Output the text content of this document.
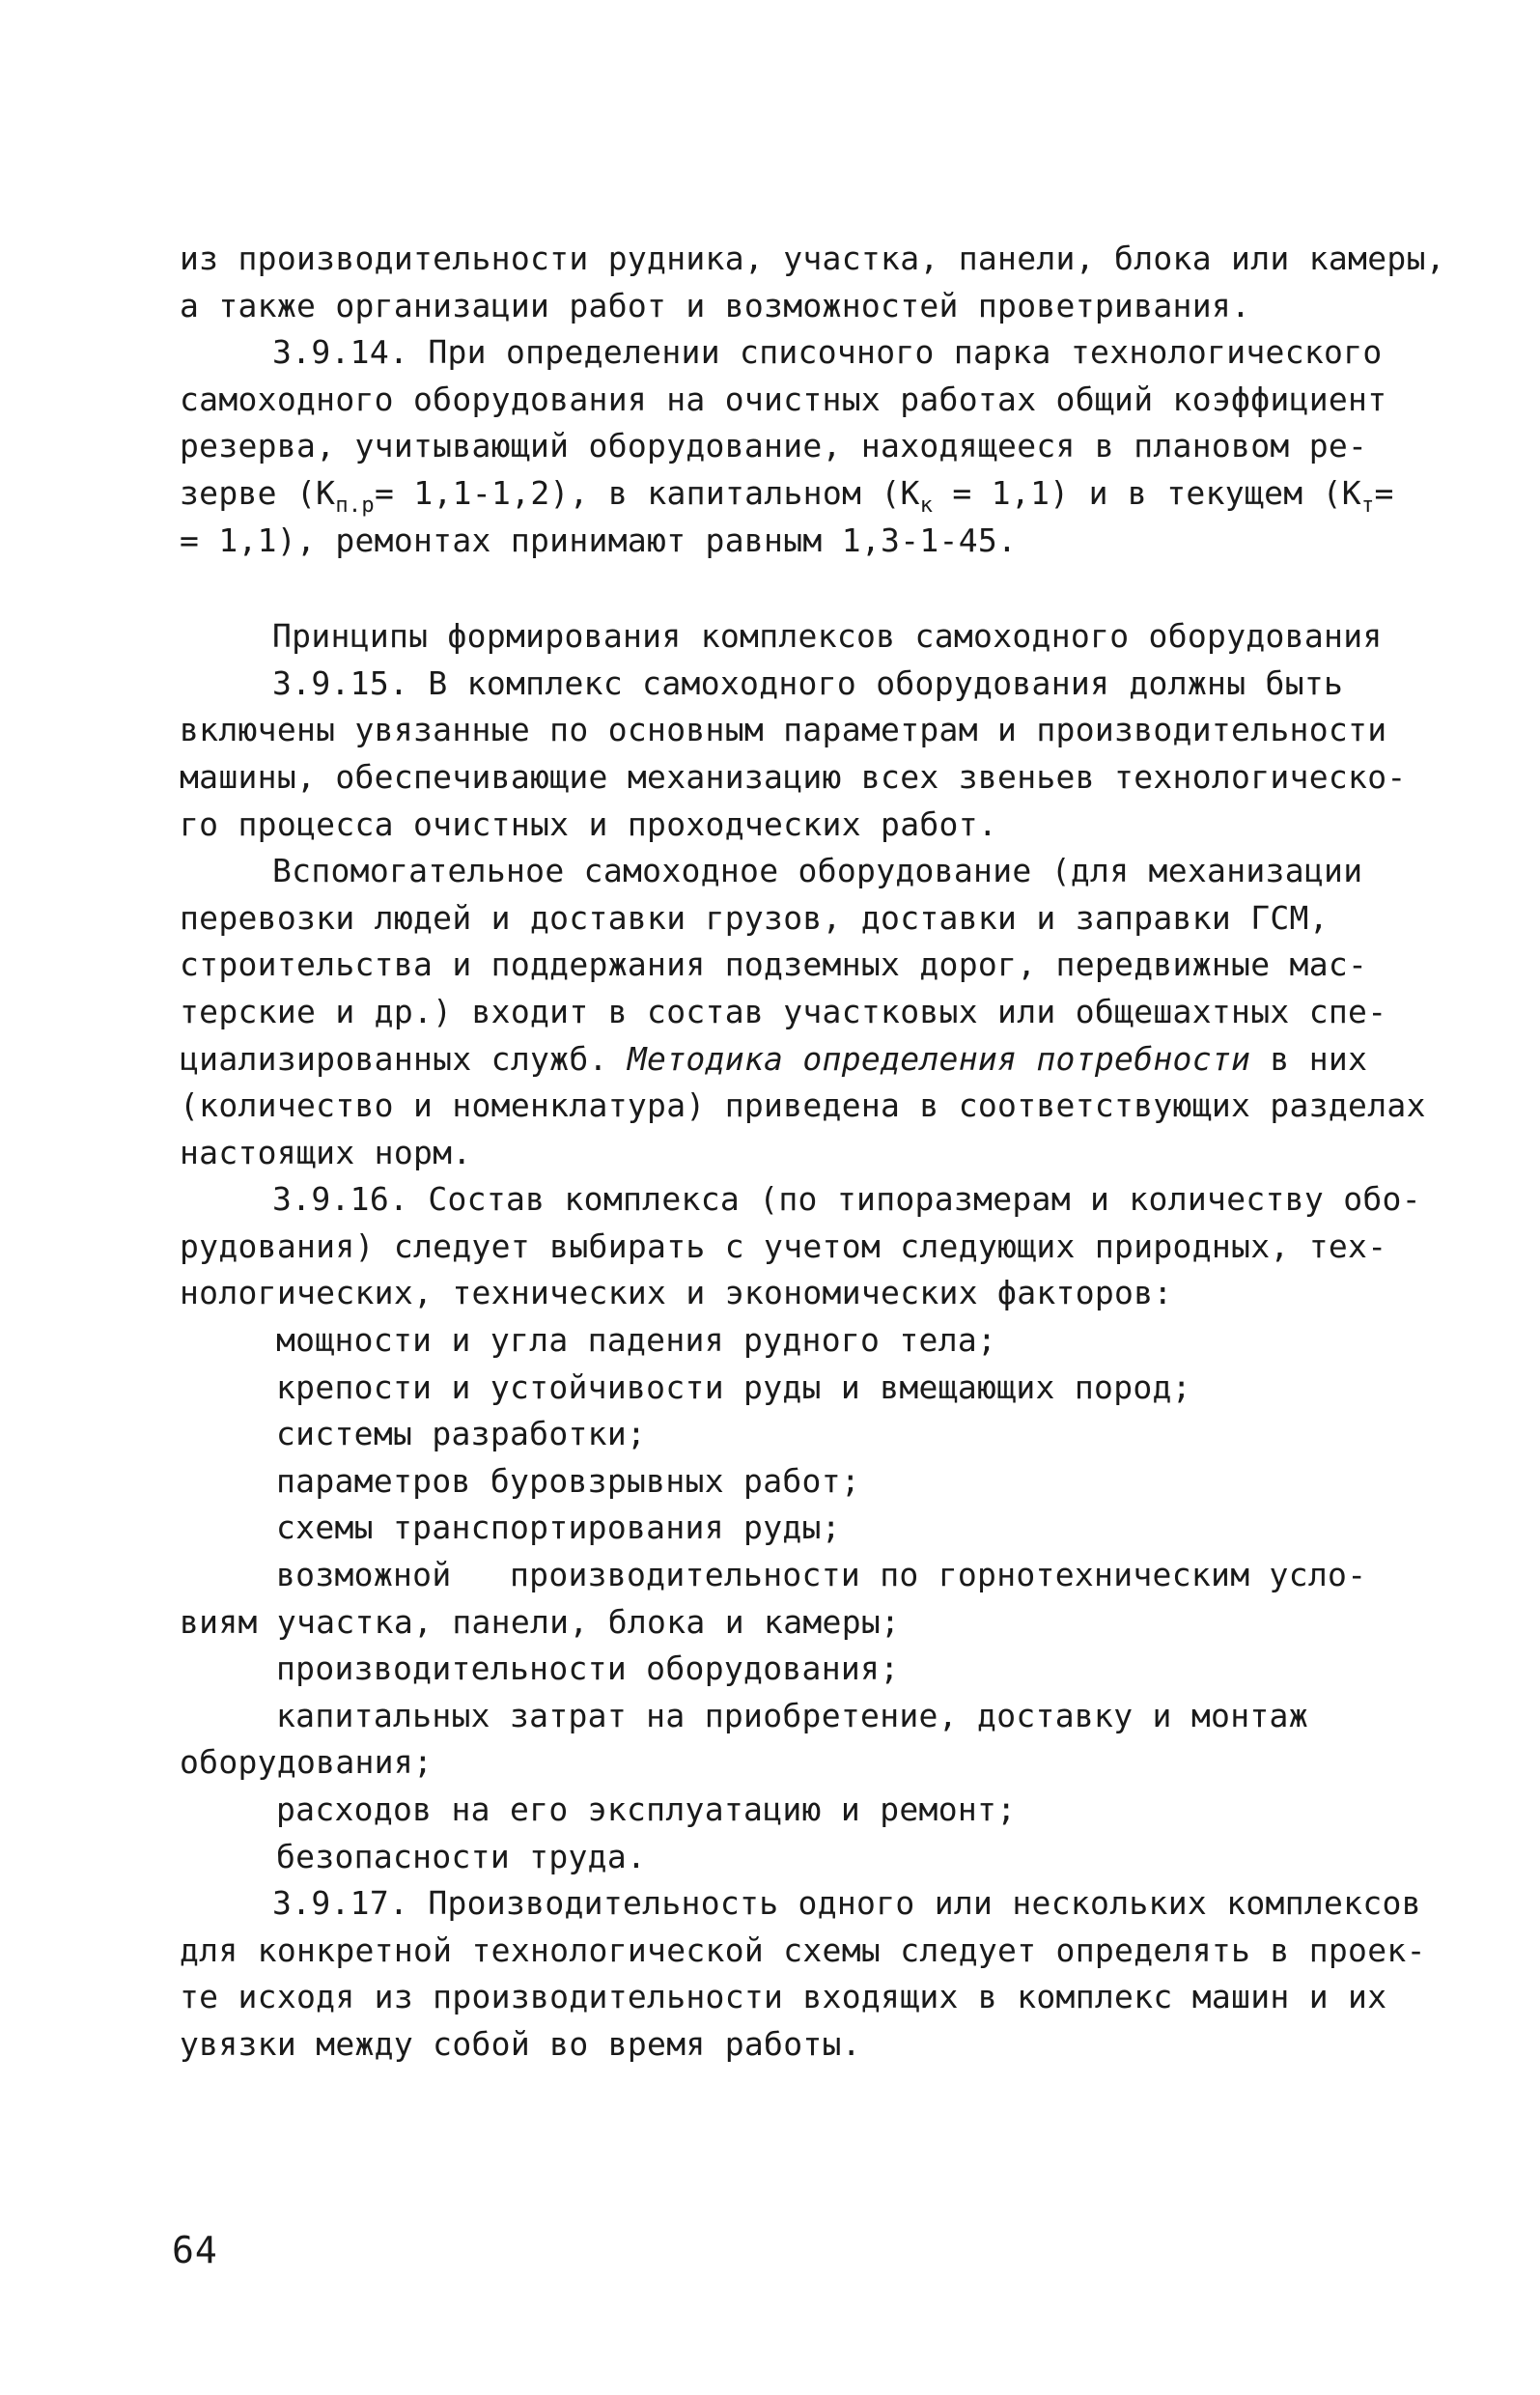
из производительности рудника, участка, панели, блока или камеры,
а также организации работ и возможностей проветривания.
3.9.14. При определении списочного парка технологического
самоходного оборудования на очистных работах общий коэффициент
резерва, учитывающий оборудование, находящееся в плановом ре-
зерве $(К_{п.р}= 1,1-1,2)$, в капитальном $(К_к = 1,1)$ и в текущем ($К_т=$
= 1,1), ремонтах принимают равным 1,3-1-45.
Принципы формирования комплексов самоходного оборудования
3.9.15. В комплекс самоходного оборудования должны быть
включены увязанные по основным параметрам и производительности
машины, обеспечивающие механизацию всех звеньев технологическо-
го процесса очистных и проходческих работ.
Вспомогательное самоходное оборудование (для механизации
перевозки людей и доставки грузов, доставки и заправки ГСМ,
строительства и поддержания подземных дорог, передвижные мас-
терские и др.) входит в состав участковых или общешахтных спе-
циализированных служб. Методика определения потребности в них
(количество и номенклатура) приведена в соответствующих разделах
настоящих норм.
3.9.16. Состав комплекса (по типоразмерам и количеству обо-
рудования) следует выбирать с учетом следующих природных, тех-
нологических, технических и экономических факторов:
мощности и угла падения рудного тела;
крепости и устойчивости руды и вмещающих пород;
системы разработки;
параметров буровзрывных работ;
схемы транспортирования руды;
возможной   производительности по горнотехническим усло-
виям участка, панели, блока и камеры;
производительности оборудования;
капитальных затрат на приобретение, доставку и монтаж
оборудования;
расходов на его эксплуатацию и ремонт;
безопасности труда.
3.9.17. Производительность одного или нескольких комплексов
для конкретной технологической схемы следует определять в проек-
те исходя из производительности входящих в комплекс машин и их
увязки между собой во время работы.
64
